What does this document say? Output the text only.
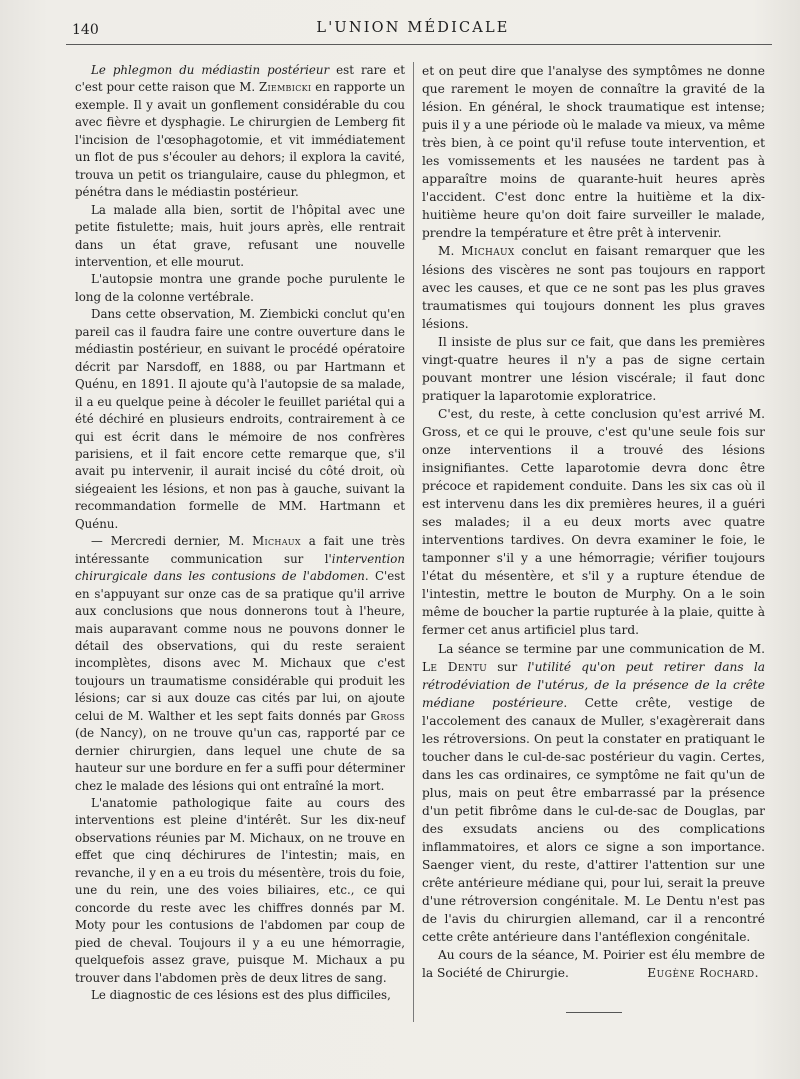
140	L'UNION MÉDICALE

Le phlegmon du médiastin postérieur est rare et c'est pour cette raison que M. Ziembicki en rapporte un exemple. Il y avait un gonflement considérable du cou avec fièvre et dysphagie. Le chirurgien de Lemberg fit l'incision de l'œsophagotomie, et vit immédiatement un flot de pus s'écouler au dehors; il explora la cavité, trouva un petit os triangulaire, cause du phlegmon, et pénétra dans le médiastin postérieur.

La malade alla bien, sortit de l'hôpital avec une petite fistulette; mais, huit jours après, elle rentrait dans un état grave, refusant une nouvelle intervention, et elle mourut.

L'autopsie montra une grande poche purulente le long de la colonne vertébrale.

Dans cette observation, M. Ziembicki conclut qu'en pareil cas il faudra faire une contre ouverture dans le médiastin postérieur, en suivant le procédé opératoire décrit par Narsdoff, en 1888, ou par Hartmann et Quénu, en 1891. Il ajoute qu'à l'autopsie de sa malade, il a eu quelque peine à décoler le feuillet pariétal qui a été déchiré en plusieurs endroits, contrairement à ce qui est écrit dans le mémoire de nos confrères parisiens, et il fait encore cette remarque que, s'il avait pu intervenir, il aurait incisé du côté droit, où siégeaient les lésions, et non pas à gauche, suivant la recommandation formelle de MM. Hartmann et Quénu.

— Mercredi dernier, M. Michaux a fait une très intéressante communication sur l'intervention chirurgicale dans les contusions de l'abdomen. C'est en s'appuyant sur onze cas de sa pratique qu'il arrive aux conclusions que nous donnerons tout à l'heure, mais auparavant comme nous ne pouvons donner le détail des observations, qui du reste seraient incomplètes, disons avec M. Michaux que c'est toujours un traumatisme considérable qui produit les lésions; car si aux douze cas cités par lui, on ajoute celui de M. Walther et les sept faits donnés par Gross (de Nancy), on ne trouve qu'un cas, rapporté par ce dernier chirurgien, dans lequel une chute de sa hauteur sur une bordure en fer a suffi pour déterminer chez le malade des lésions qui ont entraîné la mort.

L'anatomie pathologique faite au cours des interventions est pleine d'intérêt. Sur les dix-neuf observations réunies par M. Michaux, on ne trouve en effet que cinq déchirures de l'intestin; mais, en revanche, il y en a eu trois du mésentère, trois du foie, une du rein, une des voies biliaires, etc., ce qui concorde du reste avec les chiffres donnés par M. Moty pour les contusions de l'abdomen par coup de pied de cheval. Toujours il y a eu une hémorragie, quelquefois assez grave, puisque M. Michaux a pu trouver dans l'abdomen près de deux litres de sang.

Le diagnostic de ces lésions est des plus difficiles,

et on peut dire que l'analyse des symptômes ne donne que rarement le moyen de connaître la gravité de la lésion. En général, le shock traumatique est intense; puis il y a une période où le malade va mieux, va même très bien, à ce point qu'il refuse toute intervention, et les vomissements et les nausées ne tardent pas à apparaître moins de quarante-huit heures après l'accident. C'est donc entre la huitième et la dix-huitième heure qu'on doit faire surveiller le malade, prendre la température et être prêt à intervenir.

M. Michaux conclut en faisant remarquer que les lésions des viscères ne sont pas toujours en rapport avec les causes, et que ce ne sont pas les plus graves traumatismes qui toujours donnent les plus graves lésions.

Il insiste de plus sur ce fait, que dans les premières vingt-quatre heures il n'y a pas de signe certain pouvant montrer une lésion viscérale; il faut donc pratiquer la laparotomie exploratrice.

C'est, du reste, à cette conclusion qu'est arrivé M. Gross, et ce qui le prouve, c'est qu'une seule fois sur onze interventions il a trouvé des lésions insignifiantes. Cette laparotomie devra donc être précoce et rapidement conduite. Dans les six cas où il est intervenu dans les dix premières heures, il a guéri ses malades; il a eu deux morts avec quatre interventions tardives. On devra examiner le foie, le tamponner s'il y a une hémorragie; vérifier toujours l'état du mésentère, et s'il y a rupture étendue de l'intestin, mettre le bouton de Murphy. On a le soin même de boucher la partie rupturée à la plaie, quitte à fermer cet anus artificiel plus tard.

La séance se termine par une communication de M. Le Dentu sur l'utilité qu'on peut retirer dans la rétrodéviation de l'utérus, de la présence de la crête médiane postérieure. Cette crête, vestige de l'accolement des canaux de Muller, s'exagèrerait dans les rétroversions. On peut la constater en pratiquant le toucher dans le cul-de-sac postérieur du vagin. Certes, dans les cas ordinaires, ce symptôme ne fait qu'un de plus, mais on peut être embarrassé par la présence d'un petit fibrôme dans le cul-de-sac de Douglas, par des exsudats anciens ou des complications inflammatoires, et alors ce signe a son importance. Saenger vient, du reste, d'attirer l'attention sur une crête antérieure médiane qui, pour lui, serait la preuve d'une rétroversion congénitale. M. Le Dentu n'est pas de l'avis du chirurgien allemand, car il a rencontré cette crête antérieure dans l'antéflexion congénitale.

Au cours de la séance, M. Poirier est élu membre de la Société de Chirurgie.	Eugène Rochard.
